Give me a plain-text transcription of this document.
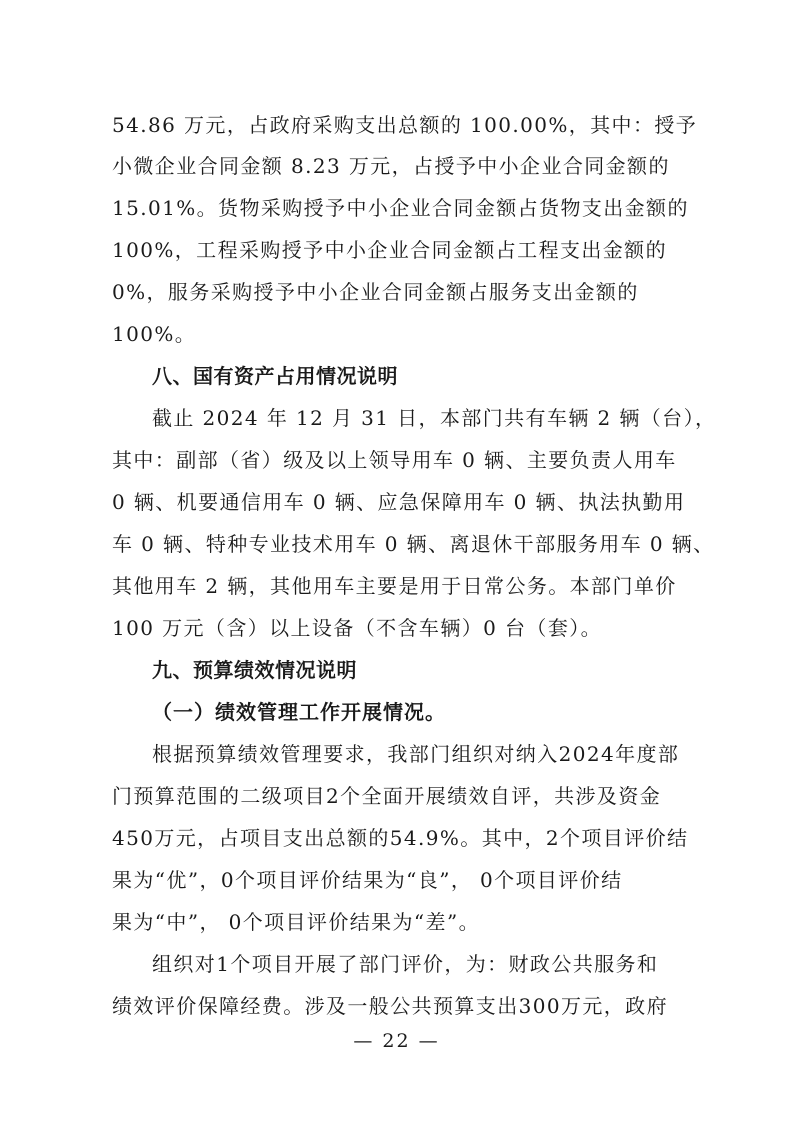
54.86 万元，占政府采购支出总额的 100.00%，其中：授予
小微企业合同金额 8.23 万元，占授予中小企业合同金额的
15.01%。货物采购授予中小企业合同金额占货物支出金额的
100%，工程采购授予中小企业合同金额占工程支出金额的
0%，服务采购授予中小企业合同金额占服务支出金额的
100%。
八、国有资产占用情况说明
截止 2024 年 12 月 31 日，本部门共有车辆 2 辆（台），
其中：副部（省）级及以上领导用车 0 辆、主要负责人用车
0 辆、机要通信用车 0 辆、应急保障用车 0 辆、执法执勤用
车 0 辆、特种专业技术用车 0 辆、离退休干部服务用车 0 辆、
其他用车 2 辆，其他用车主要是用于日常公务。本部门单价
100 万元（含）以上设备（不含车辆）0 台（套）。
九、预算绩效情况说明
（一）绩效管理工作开展情况。
根据预算绩效管理要求，我部门组织对纳入2024年度部
门预算范围的二级项目2个全面开展绩效自评，共涉及资金
450万元，占项目支出总额的54.9%。其中，2个项目评价结
果为“优”，0个项目评价结果为“良”， 0个项目评价结
果为“中”， 0个项目评价结果为“差”。
组织对1个项目开展了部门评价，为：财政公共服务和
绩效评价保障经费。涉及一般公共预算支出300万元，政府
— 22 —
